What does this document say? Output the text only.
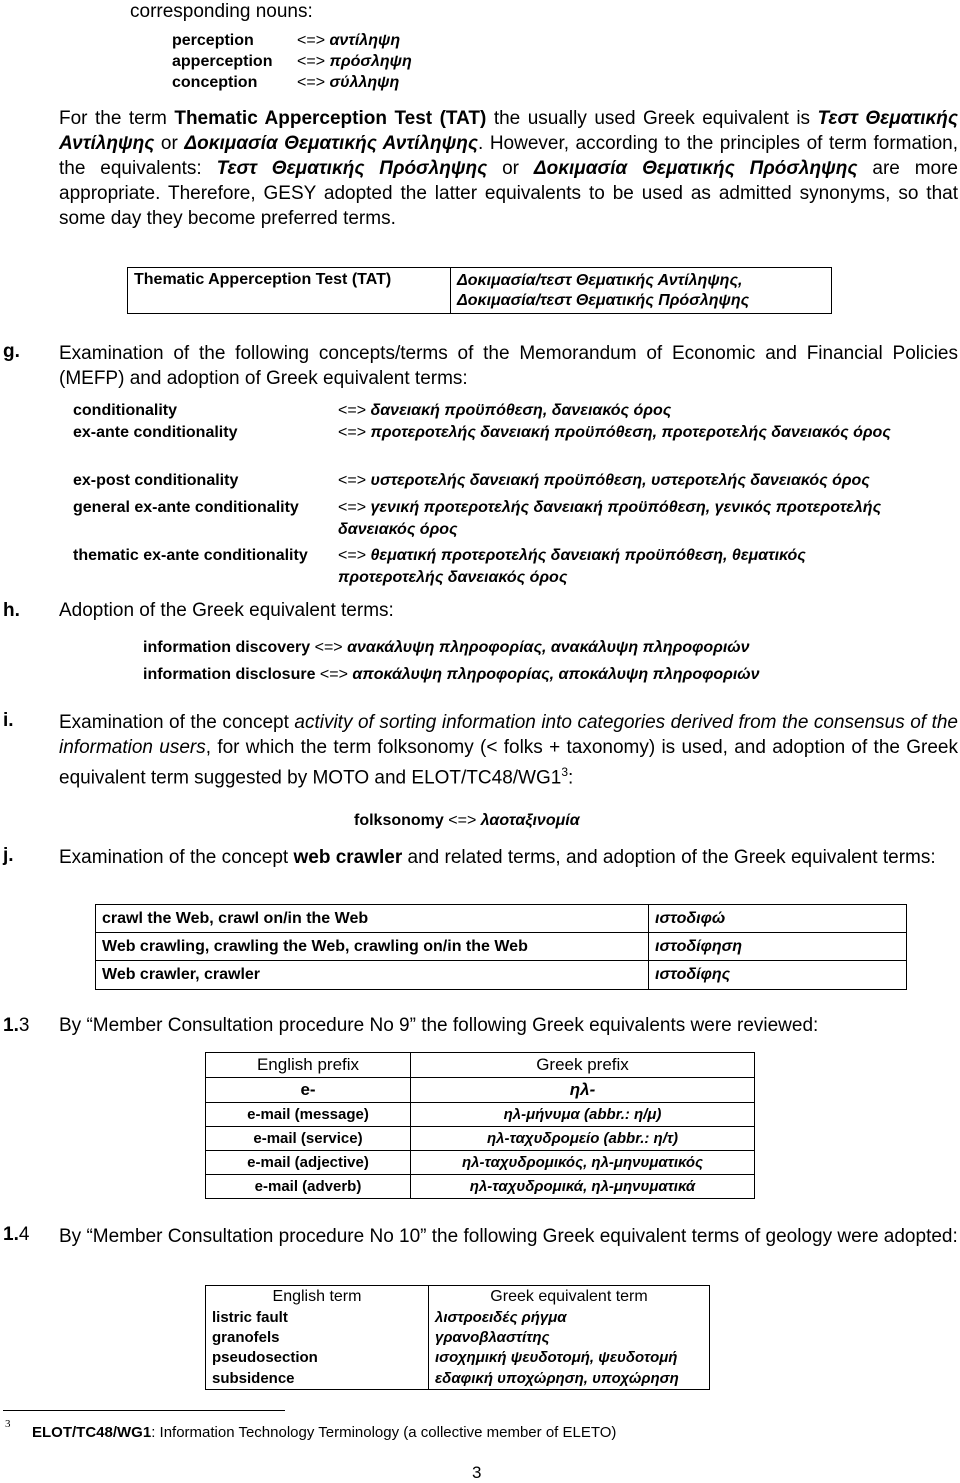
corresponding nouns:
perception	<=> αντίληψη
apperception <=> πρόσληψη
conception <=> σύλληψη
For the term Thematic Apperception Test (TAT) the usually used Greek equivalent is Τεστ Θεματικής Αντίληψης or Δοκιμασία Θεματικής Αντίληψης. However, according to the principles of term formation, the equivalents: Τεστ Θεματικής Πρόσληψης or Δοκιμασία Θεματικής Πρόσληψης are more appropriate. Therefore, GESY adopted the latter equivalents to be used as admitted synonyms, so that some day they become preferred terms.
Thematic Apperception Test (TAT)	Δοκιμασία/τεστ Θεματικής Αντίληψης,
Δοκιμασία/τεστ Θεματικής Πρόσληψης
g. Examination of the following concepts/terms of the Memorandum of Economic and Financial Policies (MEFP) and adoption of Greek equivalent terms:
conditionality	<=> δανειακή προϋπόθεση, δανειακός όρος
ex-ante conditionality	<=> προτεροτελής δανειακή προϋπόθεση, προτεροτελής δανειακός όρος
ex-post conditionality	<=> υστεροτελής δανειακή προϋπόθεση, υστεροτελής δανειακός όρος
general ex-ante conditionality <=> γενική προτεροτελής δανειακή προϋπόθεση, γενικός προτεροτελής δανειακός όρος
thematic ex-ante conditionality <=> θεματική προτεροτελής δανειακή προϋπόθεση, θεματικός προτεροτελής δανειακός όρος
h. Adoption of the Greek equivalent terms:
information discovery <=> ανακάλυψη πληροφορίας, ανακάλυψη πληροφοριών
information disclosure <=> αποκάλυψη πληροφορίας, αποκάλυψη πληροφοριών
i. Examination of the concept activity of sorting information into categories derived from the consensus of the information users, for which the term folksonomy (< folks + taxonomy) is used, and adoption of the Greek equivalent term suggested by MOTO and ELOT/$TC48/WG1^3$:
folksonomy <=> λαοταξινομία
j. Examination of the concept web crawler and related terms, and adoption of the Greek equivalent terms:
crawl the Web, crawl on/in the Web	ιστοδιφώ
Web crawling, crawling the Web, crawling on/in the Web	ιστοδίφηση
Web crawler, crawler	ιστοδίφης
1.3 By “Member Consultation procedure No 9” the following Greek equivalents were reviewed:
English prefix	Greek prefix
e-	ηλ-
e-mail (message)	ηλ-μήνυμα (abbr.: η/μ)
e-mail (service)	ηλ-ταχυδρομείο (abbr.: η/τ)
e-mail (adjective)	ηλ-ταχυδρομικός, ηλ-μηνυματικός
e-mail (adverb)	ηλ-ταχυδρομικά, ηλ-μηνυματικά
1.4 By “Member Consultation procedure No 10” the following Greek equivalent terms of geology were adopted:
English term	Greek equivalent term
listric fault	λιστροειδές ρήγμα
granofels	γρανοβλαστίτης
pseudosection	ισοχημική ψευδοτομή, ψευδοτομή
subsidence	εδαφική υποχώρηση, υποχώρηση
3 ELOT/TC48/WG1: Information Technology Terminology (a collective member of ELETO)
3
